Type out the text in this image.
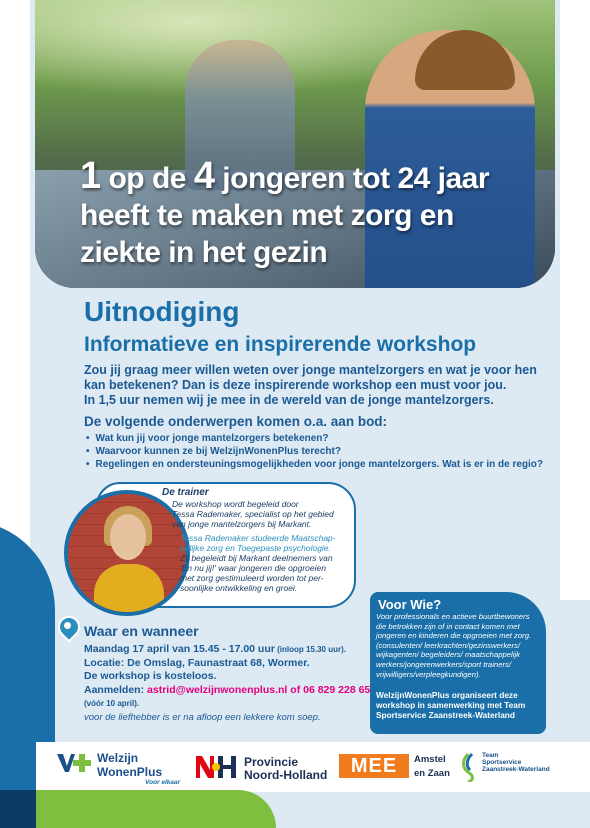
1 op de 4 jongeren tot 24 jaar
heeft te maken met zorg en
ziekte in het gezin
Uitnodiging
Informatieve en inspirerende workshop

Zou jij graag meer willen weten over jonge mantelzorgers en wat je voor hen

kan betekenen? Dan is deze inspirerende workshop een must voor jou.

In 1,5 uur nemen wij je mee in de wereld van de jonge mantelzorgers.

De volgende onderwerpen komen o.a. aan bod:
• Wat kun jij voor jonge mantelzorgers betekenen?
• Waarvoor kunnen ze bij WelzijnWonenPlus terecht?
• Regelingen en ondersteuningsmogelijkheden voor jonge mantelzorgers. Wat is er in de regio?
De trainer
De workshop wordt begeleid door
Tessa Rademaker, specialist op het gebied
van jonge mantelzorgers bij Markant.
Tessa Rademaker studeerde Maatschap-
pelijke zorg en Toegepaste psychologie.
Zij begeleidt bij Markant deelnemers van
'En nu jij!' waar jongeren die opgroeien
met zorg gestimuleerd worden tot per-
soonlijke ontwikkeling en groei.
Waar en wanneer
Maandag 17 april van 15.45 - 17.00 uur (inloop 15.30 uur).
Locatie: De Omslag, Faunastraat 68, Wormer.
De workshop is kosteloos.
Aanmelden: astrid@welzijnwonenplus.nl of 06 829 228 65
(vóór 10 april).
voor de liefhebber is er na afloop een lekkere kom soep.
Voor Wie?
Voor professionals en actieve buurtbewoners
die betrokken zijn of in contact komen met
jongeren en kinderen die opgroeien met zorg.
(consulenten/ leerkrachten/gezinswerkers/
wijkagenten/ begeleiders/ maatschappelijk
werkers/jongerenwerkers/sport trainers/
vrijwilligers/verpleegkundigen).
WelzijnWonenPlus organiseert deze
workshop in samenwerking met Team
Sportservice Zaanstreek-Waterland
Welzijn
WonenPlus
Voor elkaar
Provincie
Noord-Holland	MEE	Amstel
en Zaan
Team
Sportservice
Zaanstreek-Waterland
